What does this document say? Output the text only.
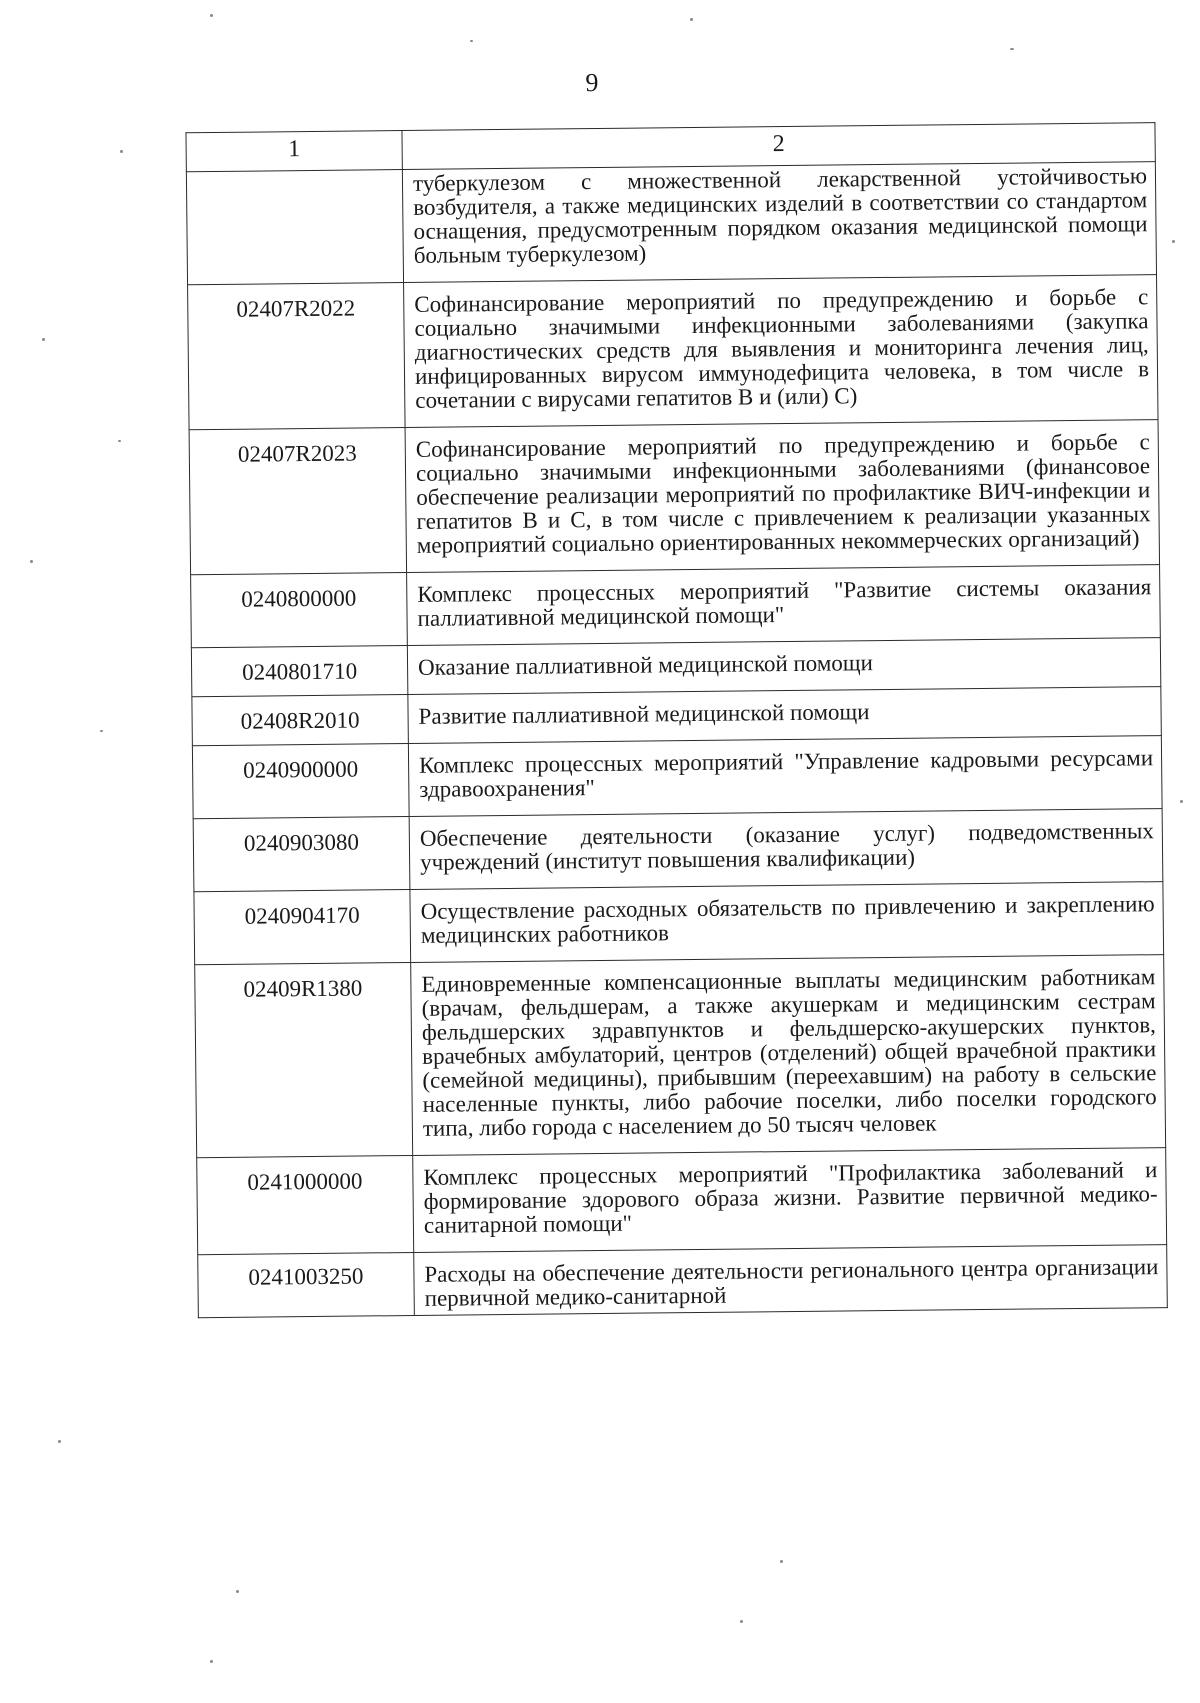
9
1	2
	туберкулезом с множественной лекарственной устойчивостью возбудителя, а также медицинских изделий в соответствии со стандартом оснащения, предусмотренным порядком оказания медицинской помощи больным туберкулезом)
02407R2022	Софинансирование мероприятий по предупреждению и борьбе с социально значимыми инфекционными заболеваниями (закупка диагностических средств для выявления и мониторинга лечения лиц, инфицированных вирусом иммунодефицита человека, в том числе в сочетании с вирусами гепатитов B и (или) C)
02407R2023	Софинансирование мероприятий по предупреждению и борьбе с социально значимыми инфекционными заболеваниями (финансовое обеспечение реализации мероприятий по профилактике ВИЧ-инфекции и гепатитов B и C, в том числе с привлечением к реализации указанных мероприятий социально ориентированных некоммерческих организаций)
0240800000	Комплекс процессных мероприятий "Развитие системы оказания паллиативной медицинской помощи"
0240801710	Оказание паллиативной медицинской помощи
02408R2010	Развитие паллиативной медицинской помощи
0240900000	Комплекс процессных мероприятий "Управление кадровыми ресурсами здравоохранения"
0240903080	Обеспечение деятельности (оказание услуг) подведомственных учреждений (институт повышения квалификации)
0240904170	Осуществление расходных обязательств по привлечению и закреплению медицинских работников
02409R1380	Единовременные компенсационные выплаты медицинским работникам (врачам, фельдшерам, а также акушеркам и медицинским сестрам фельдшерских здравпунктов и фельдшерско-акушерских пунктов, врачебных амбулаторий, центров (отделений) общей врачебной практики (семейной медицины), прибывшим (переехавшим) на работу в сельские населенные пункты, либо рабочие поселки, либо поселки городского типа, либо города с населением до 50 тысяч человек
0241000000	Комплекс процессных мероприятий "Профилактика заболеваний и формирование здорового образа жизни. Развитие первичной медико-санитарной помощи"
0241003250	Расходы на обеспечение деятельности регионального центра организации первичной медико-санитарной
